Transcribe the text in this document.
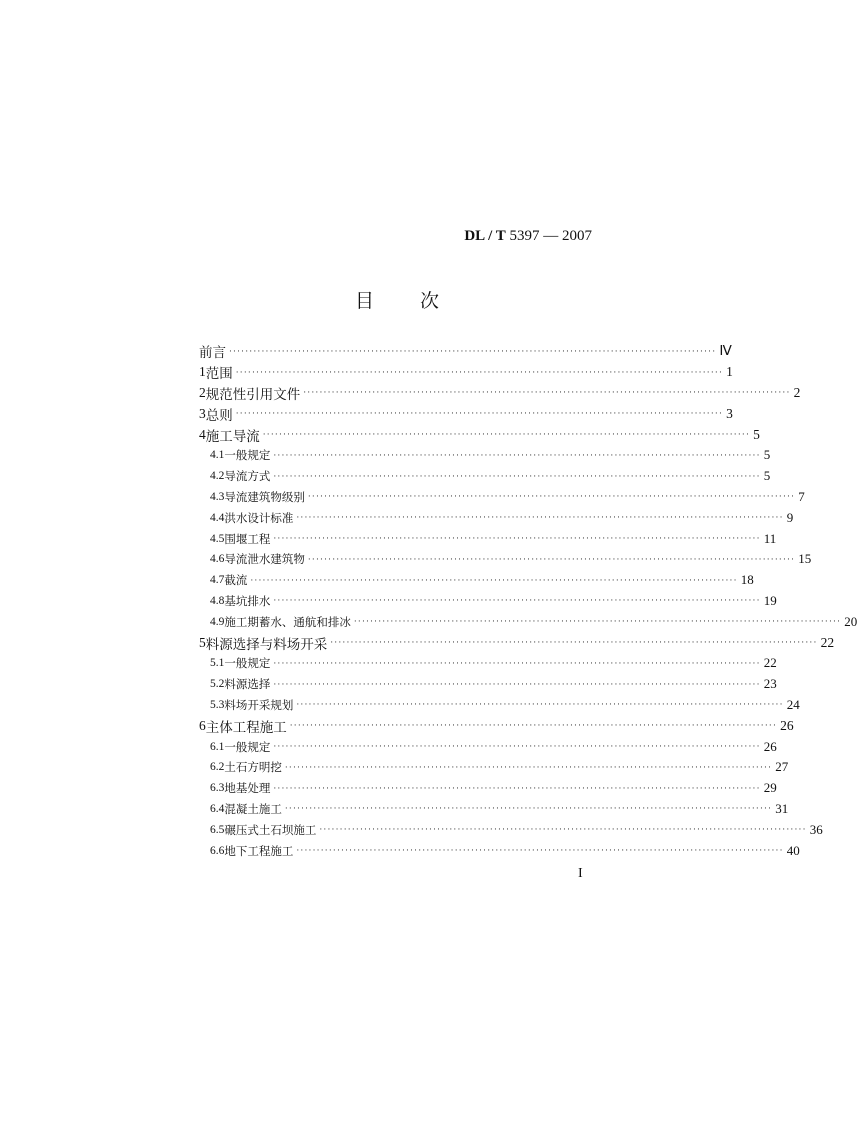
DL / T 5397 — 2007
目 次
前言 ························································································································ Ⅳ
1 范围 ························································································································ 1
2 规范性引用文件 ························································································································ 2
3 总则 ························································································································ 3
4 施工导流 ························································································································ 5
4.1 一般规定 ························································································································ 5
4.2 导流方式 ························································································································ 5
4.3 导流建筑物级别 ························································································································ 7
4.4 洪水设计标准 ························································································································ 9
4.5 围堰工程 ························································································································ 11
4.6 导流泄水建筑物 ························································································································ 15
4.7 截流 ························································································································ 18
4.8 基坑排水 ························································································································ 19
4.9 施工期蓄水、通航和排冰 ························································································································ 20
5 料源选择与料场开采 ························································································································ 22
5.1 一般规定 ························································································································ 22
5.2 料源选择 ························································································································ 23
5.3 料场开采规划 ························································································································ 24
6 主体工程施工 ························································································································ 26
6.1 一般规定 ························································································································ 26
6.2 土石方明挖 ························································································································ 27
6.3 地基处理 ························································································································ 29
6.4 混凝土施工 ························································································································ 31
6.5 碾压式土石坝施工 ························································································································ 36
6.6 地下工程施工 ························································································································ 40
I
